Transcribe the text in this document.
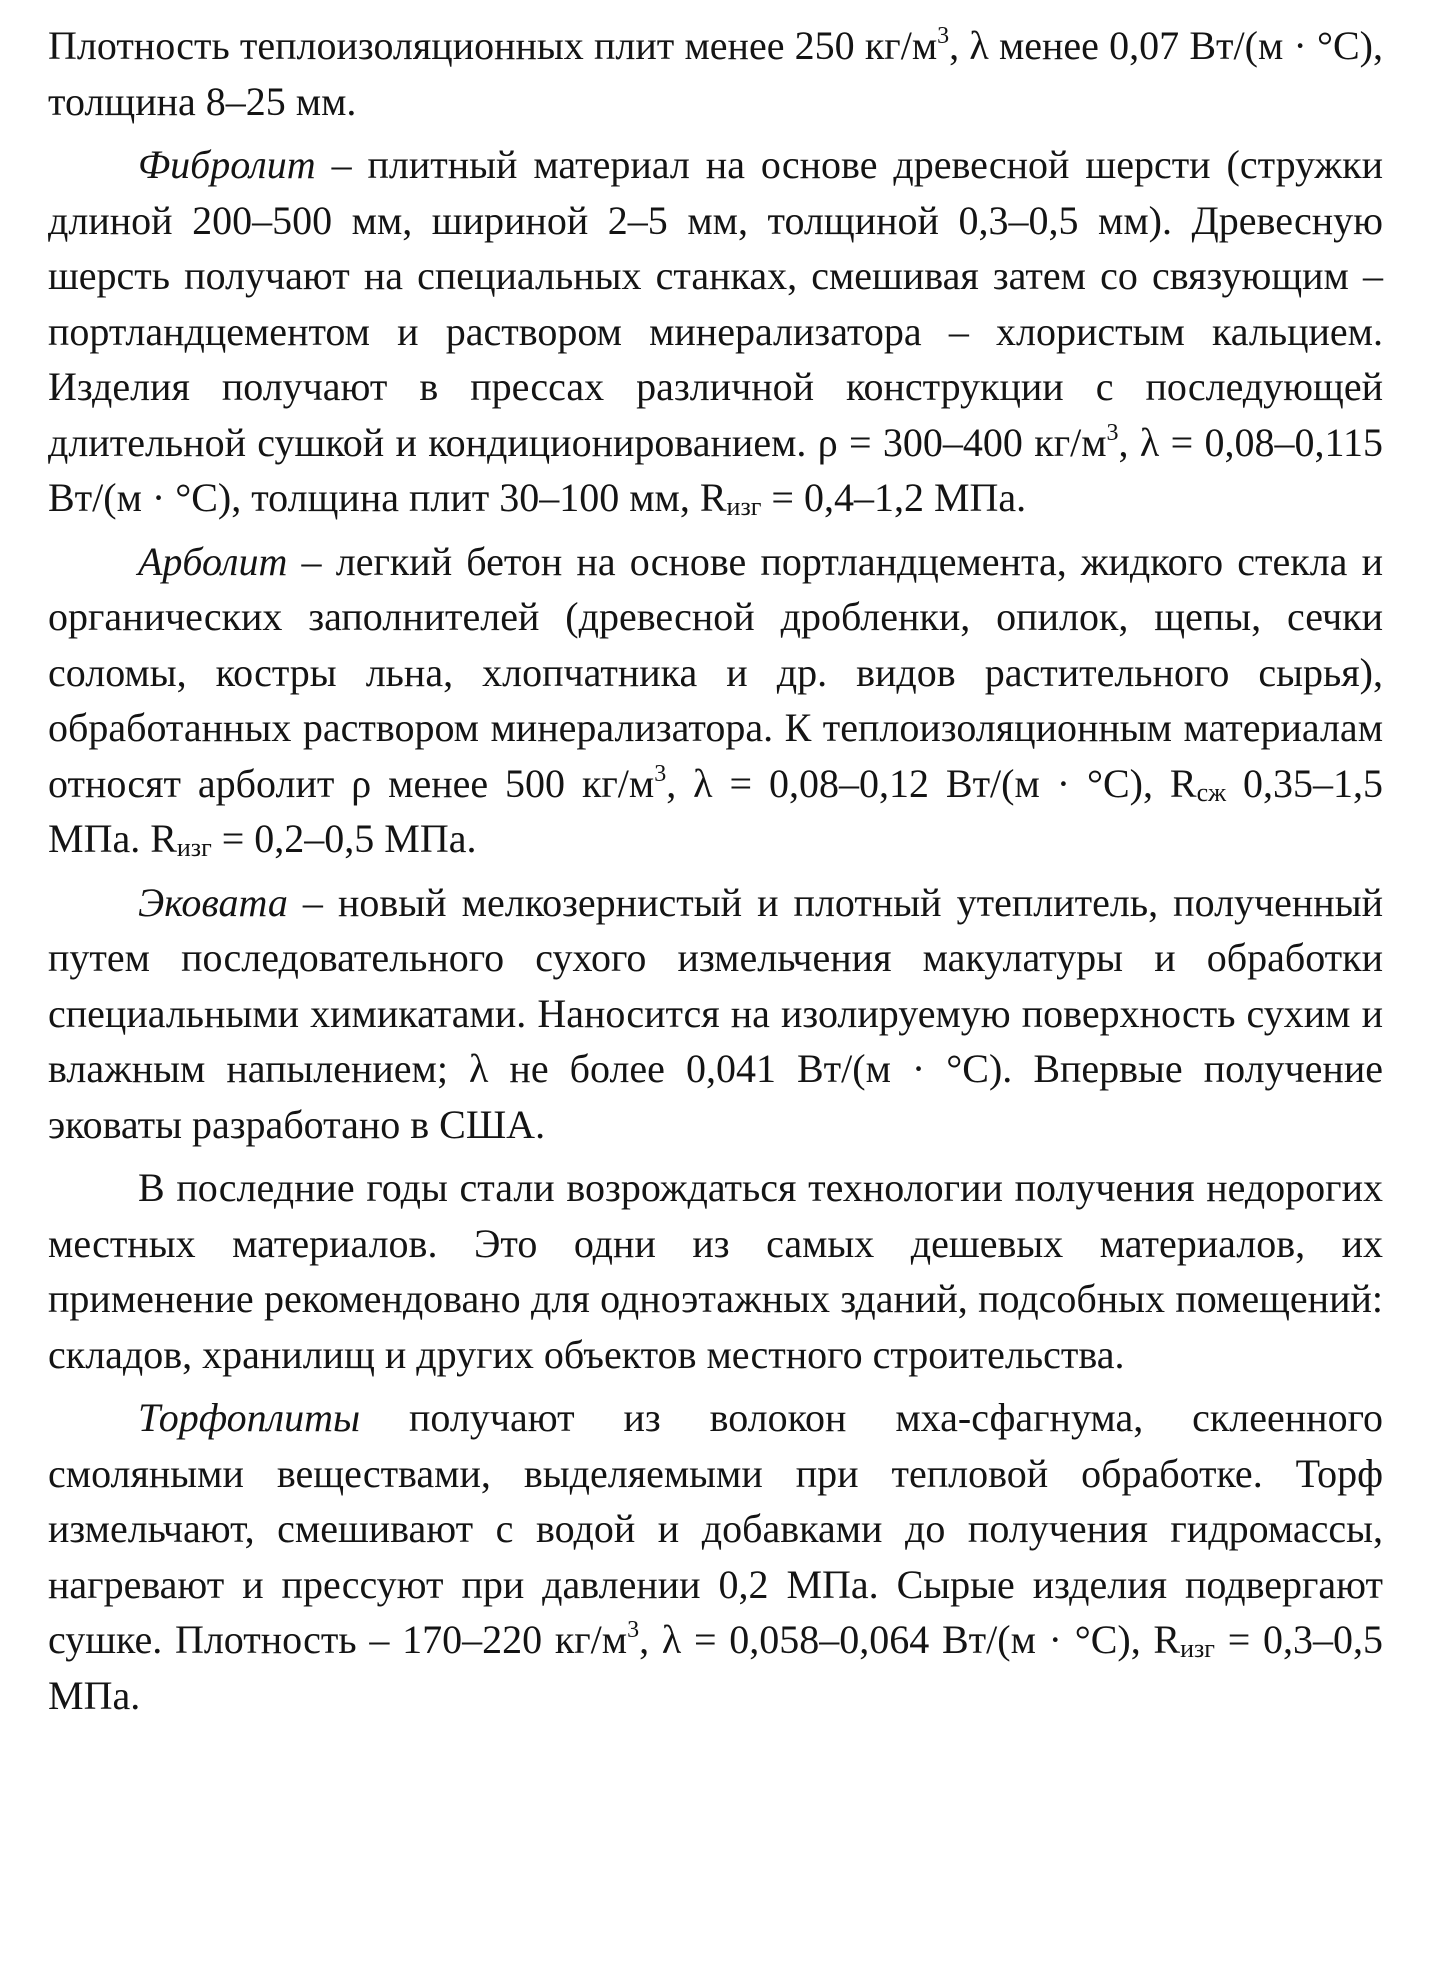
Плотность теплоизоляционных плит менее 250 $кг/м^3$, λ менее 0,07 Вт/(м · °С), толщина 8–25 мм.

Фибролит – плитный материал на основе древесной шерсти (стружки длиной 200–500 мм, шириной 2–5 мм, толщиной 0,3–0,5 мм). Древесную шерсть получают на специальных станках, смешивая затем со связующим – портландцементом и раствором минерализатора – хлористым кальцием. Изделия получают в прессах различной конструкции с последующей длительной сушкой и кондиционированием. ρ = 300–400 $кг/м^3$, λ = 0,08–0,115 Вт/(м · °С), толщина плит 30–100 мм, $R_{изг} = 0,4-1,2$ МПа.

Арболит – легкий бетон на основе портландцемента, жидкого стекла и органических заполнителей (древесной дробленки, опилок, щепы, сечки соломы, костры льна, хлопчатника и др. видов растительного сырья), обработанных раствором минерализатора. К теплоизоляционным материалам относят арболит ρ менее 500 $кг/м^3$, λ = 0,08–0,12 Вт/(м · °С), $R_{сж}$ 0,35–1,5 МПа. $R_{изг} = 0,2-0,5$ МПа.

Эковата – новый мелкозернистый и плотный утеплитель, полученный путем последовательного сухого измельчения макулатуры и обработки специальными химикатами. Наносится на изолируемую поверхность сухим и влажным напылением; λ не более 0,041 Вт/(м · °С). Впервые получение эковаты разработано в США.

В последние годы стали возрождаться технологии получения недорогих местных материалов. Это одни из самых дешевых материалов, их применение рекомендовано для одноэтажных зданий, подсобных помещений: складов, хранилищ и других объектов местного строительства.

Торфоплиты получают из волокон мха-сфагнума, склеенного смоляными веществами, выделяемыми при тепловой обработке. Торф измельчают, смешивают с водой и добавками до получения гидромассы, нагревают и прессуют при давлении 0,2 МПа. Сырые изделия подвергают сушке. Плотность – 170–220 $кг/м^3$, λ = 0,058–0,064 Вт/(м · °С), $R_{изг} = 0,3-0,5$ МПа.
